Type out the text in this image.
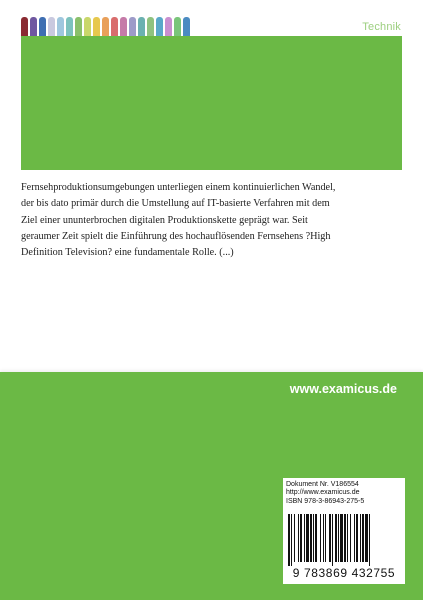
Technik
Fernsehproduktionsumgebungen unterliegen einem kontinuierlichen Wandel,
der bis dato primär durch die Umstellung auf IT-basierte Verfahren mit dem
Ziel einer ununterbrochen digitalen Produktionskette geprägt war. Seit
geraumer Zeit spielt die Einführung des hochauflösenden Fernsehens ?High
Definition Television? eine fundamentale Rolle. (...)
www.examicus.de
Dokument Nr. V186554
http://www.examicus.de
ISBN 978-3-86943-275-5
9 783869 432755
